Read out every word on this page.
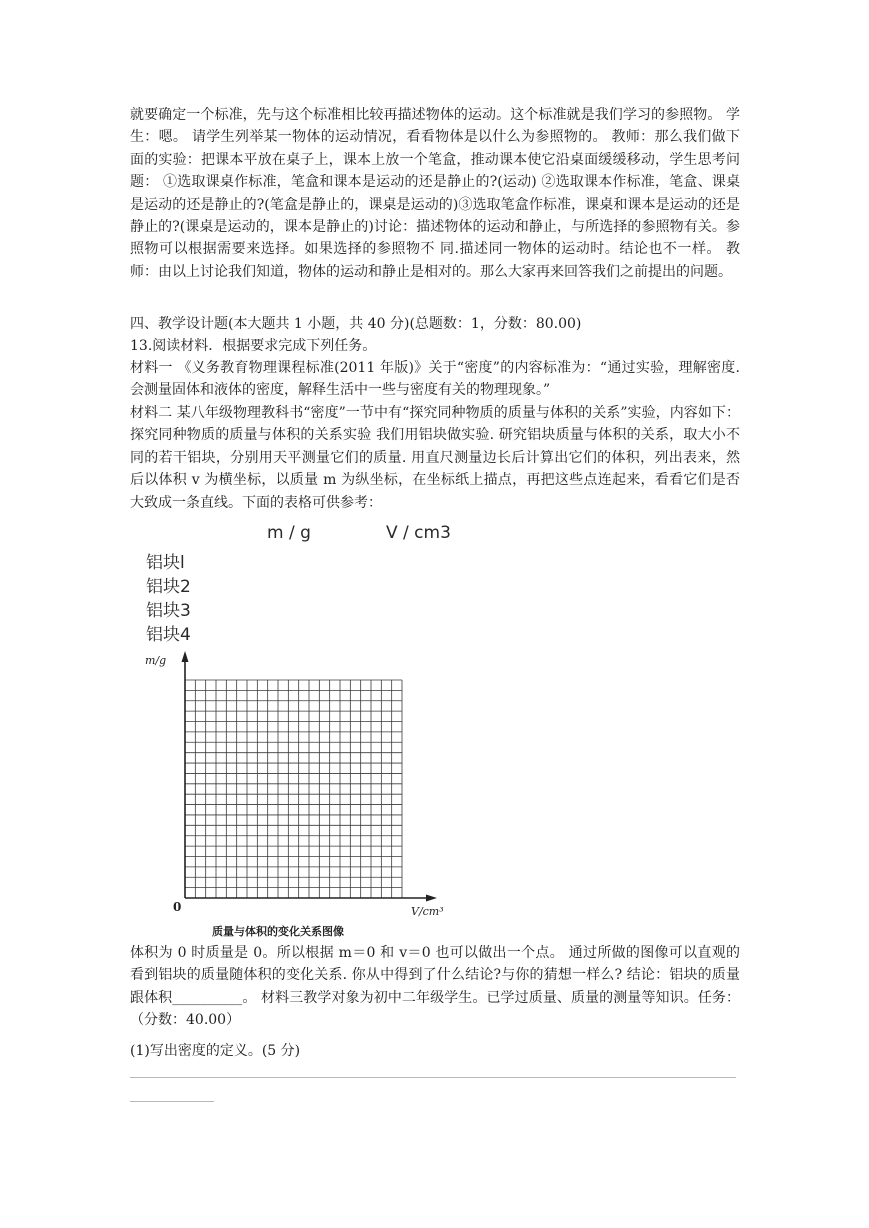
就要确定一个标准，先与这个标准相比较再描述物体的运动。这个标准就是我们学习的参照物。 学生：嗯。 请学生列举某一物体的运动情况，看看物体是以什么为参照物的。 教师：那么我们做下面的实验：把课本平放在桌子上，课本上放一个笔盒，推动课本使它沿桌面缓缓移动，学生思考问题： ①选取课桌作标准，笔盒和课本是运动的还是静止的?(运动) ②选取课本作标准，笔盒、课桌是运动的还是静止的?(笔盒是静止的，课桌是运动的)③选取笔盒作标准，课桌和课本是运动的还是静止的?(课桌是运动的，课本是静止的)讨论：描述物体的运动和静止，与所选择的参照物有关。参照物可以根据需要来选择。如果选择的参照物不 同.描述同一物体的运动时。结论也不一样。 教师：由以上讨论我们知道，物体的运动和静止是相对的。那么大家再来回答我们之前提出的问题。

四、教学设计题(本大题共 1 小题，共 40 分)(总题数：1，分数：80.00)

13.阅读材料．根据要求完成下列任务。

材料一 《义务教育物理课程标准(2011 年版)》关于“密度”的内容标准为：“通过实验，理解密度. 会测量固体和液体的密度，解释生活中一些与密度有关的物理现象。”

材料二 某八年级物理教科书“密度”一节中有“探究同种物质的质量与体积的关系”实验，内容如下： 探究同种物质的质量与体积的关系实验 我们用铝块做实验. 研究铝块质量与体积的关系，取大小不同的若干铝块，分别用天平测量它们的质量. 用直尺测量边长后计算出它们的体积，列出表来，然后以体积 v 为横坐标，以质量 m 为纵坐标，在坐标纸上描点，再把这些点连起来，看看它们是否大致成一条直线。下面的表格可供参考：

m / g	V / cm3
铝块l
铝块2
铝块3
铝块4
m/g
V/cm³
0
质量与体积的变化关系图像

体积为 0 时质量是 0。所以根据 m＝0 和 v＝0 也可以做出一个点。 通过所做的图像可以直观的看到铝块的质量随体积的变化关系. 你从中得到了什么结论?与你的猜想一样么? 结论：铝块的质量跟体积__________。 材料三教学对象为初中二年级学生。已学过质量、质量的测量等知识。任务： （分数：40.00）

(1)写出密度的定义。(5 分)
